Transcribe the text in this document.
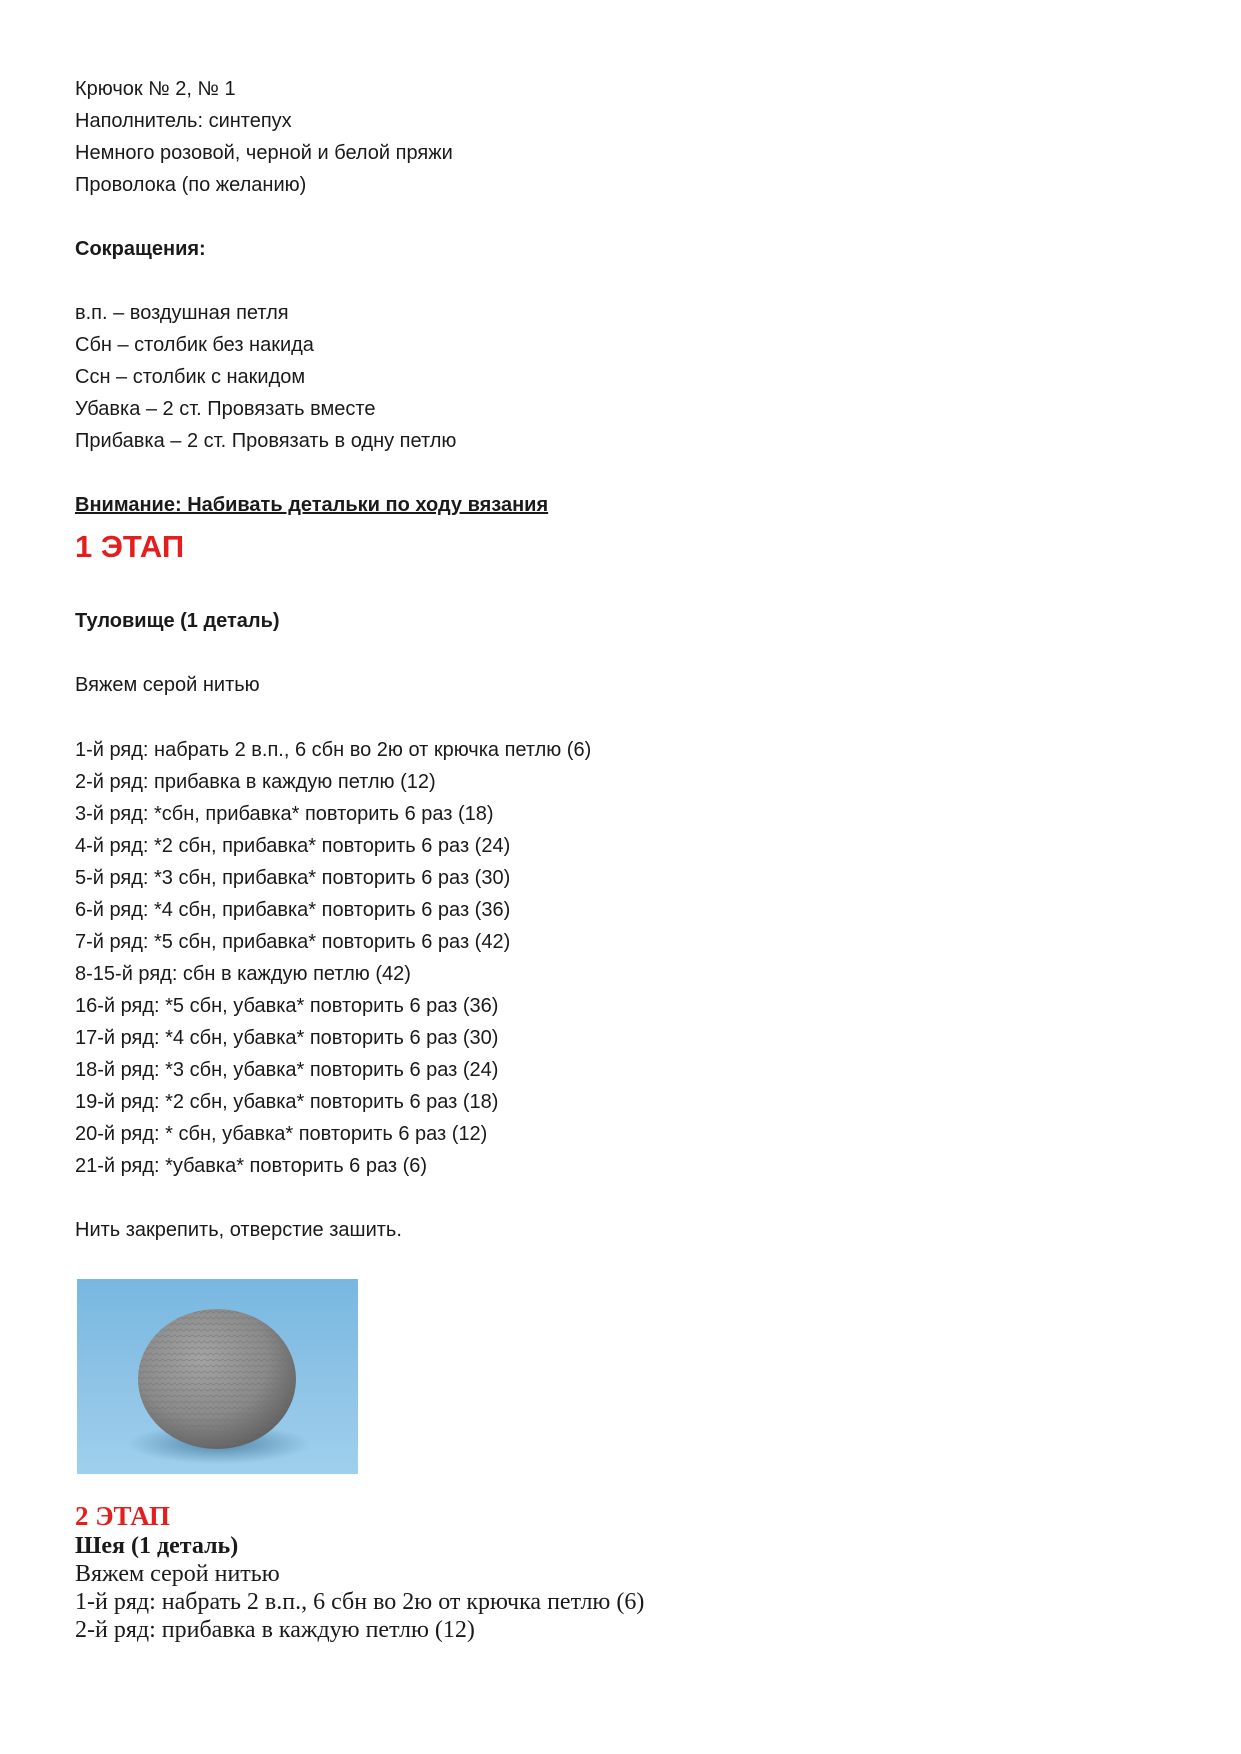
Крючок № 2, № 1
Наполнитель: синтепух
Немного розовой, черной и белой пряжи
Проволока (по желанию)
Сокращения:
в.п. – воздушная петля
Сбн – столбик без накида
Ссн – столбик с накидом
Убавка – 2 ст. Провязать вместе
Прибавка – 2 ст. Провязать в одну петлю
Внимание: Набивать детальки по ходу вязания
1 ЭТАП
Туловище (1 деталь)
Вяжем серой нитью
1-й ряд: набрать 2 в.п., 6 сбн во 2ю от крючка петлю (6)
2-й ряд: прибавка в каждую петлю (12)
3-й ряд: *сбн, прибавка* повторить 6 раз (18)
4-й ряд: *2 сбн, прибавка* повторить 6 раз (24)
5-й ряд: *3 сбн, прибавка* повторить 6 раз (30)
6-й ряд: *4 сбн, прибавка* повторить 6 раз (36)
7-й ряд: *5 сбн, прибавка* повторить 6 раз (42)
8-15-й ряд: сбн в каждую петлю (42)
16-й ряд: *5 сбн, убавка* повторить 6 раз (36)
17-й ряд: *4 сбн, убавка* повторить 6 раз (30)
18-й ряд: *3 сбн, убавка* повторить 6 раз (24)
19-й ряд: *2 сбн, убавка* повторить 6 раз (18)
20-й ряд: * сбн, убавка* повторить 6 раз (12)
21-й ряд: *убавка* повторить 6 раз (6)
Нить закрепить, отверстие зашить.
2 ЭТАП
Шея (1 деталь)
Вяжем серой нитью
1-й ряд: набрать 2 в.п., 6 сбн во 2ю от крючка петлю (6)
2-й ряд: прибавка в каждую петлю (12)
